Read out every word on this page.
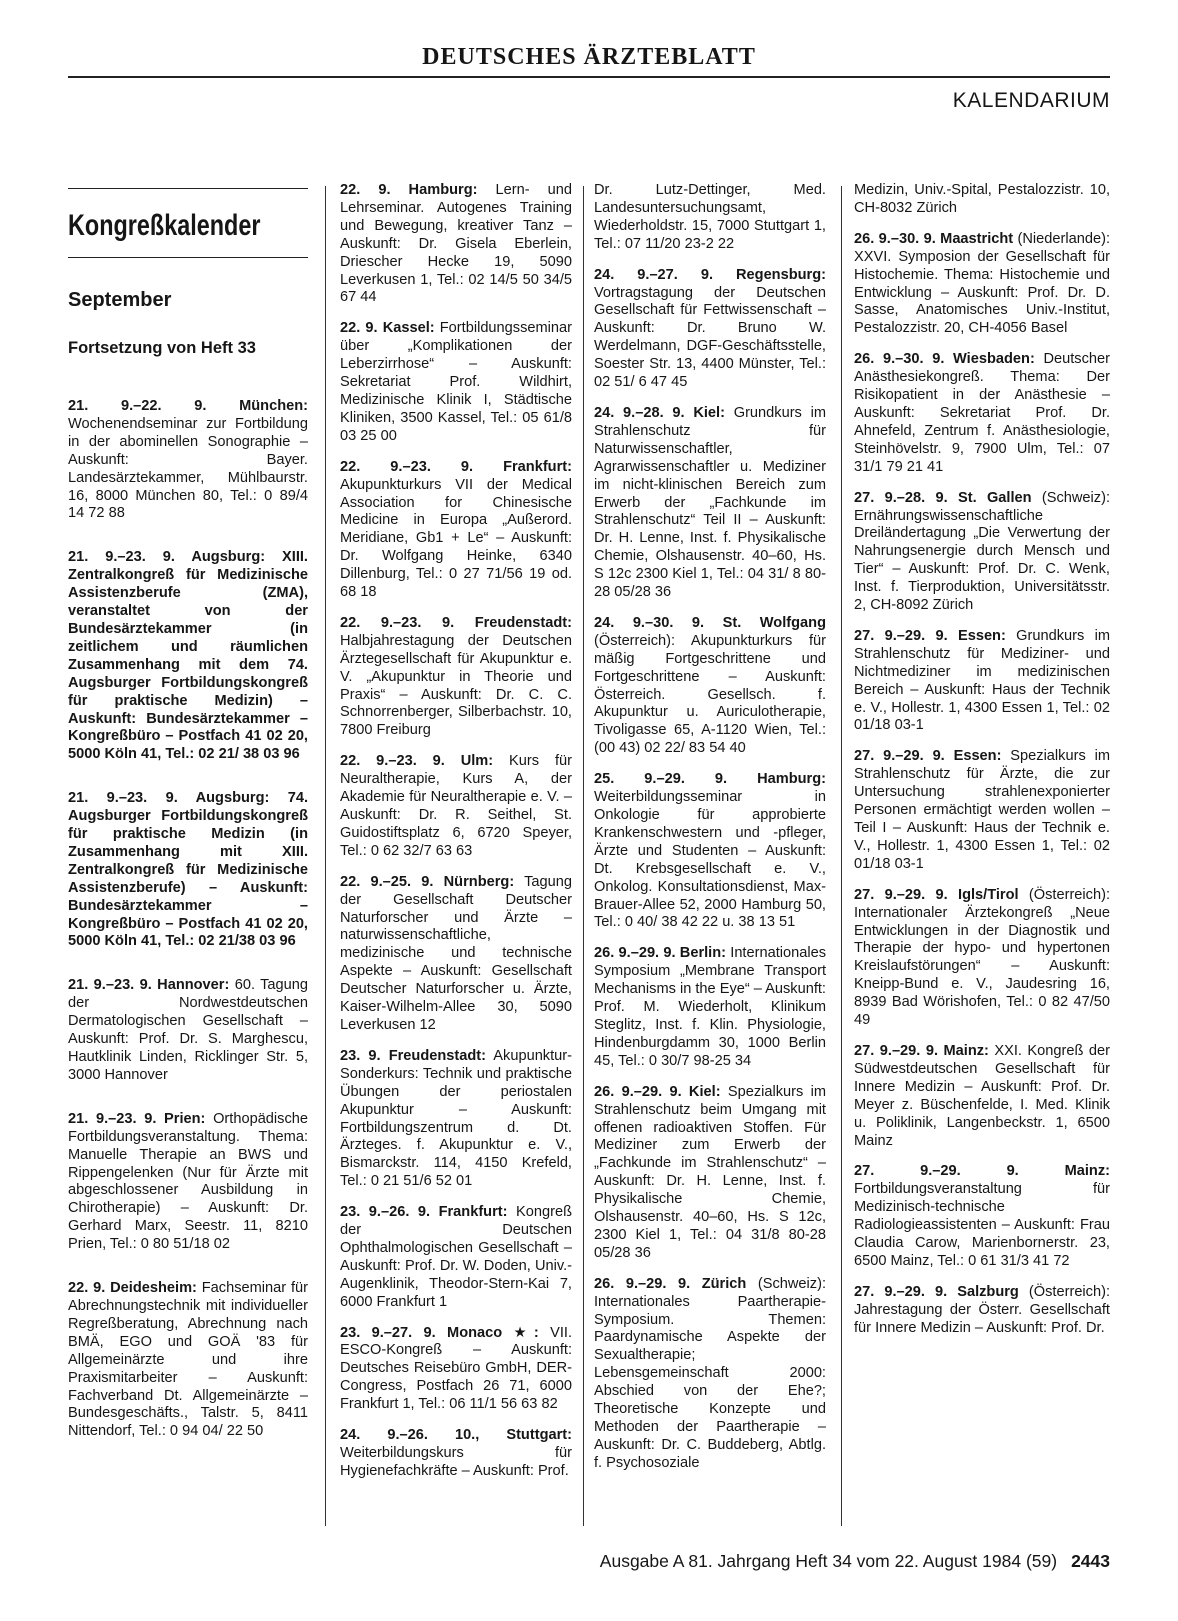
DEUTSCHES ÄRZTEBLATT
KALENDARIUM
Kongreßkalender
September
Fortsetzung von Heft 33
21. 9.–22. 9. München: Wochenendseminar zur Fortbildung in der abominellen Sonographie – Auskunft: Bayer. Landesärztekammer, Mühlbaurstr. 16, 8000 München 80, Tel.: 0 89/4 14 72 88
21. 9.–23. 9. Augsburg: XIII. Zentralkongreß für Medizinische Assistenzberufe (ZMA), veranstaltet von der Bundesärztekammer (in zeitlichem und räumlichen Zusammenhang mit dem 74. Augsburger Fortbildungskongreß für praktische Medizin) – Auskunft: Bundesärztekammer – Kongreßbüro – Postfach 41 02 20, 5000 Köln 41, Tel.: 02 21/ 38 03 96
21. 9.–23. 9. Augsburg: 74. Augsburger Fortbildungskongreß für praktische Medizin (in Zusammenhang mit XIII. Zentralkongreß für Medizinische Assistenzberufe) – Auskunft: Bundesärztekammer – Kongreßbüro – Postfach 41 02 20, 5000 Köln 41, Tel.: 02 21/38 03 96
21. 9.–23. 9. Hannover: 60. Tagung der Nordwestdeutschen Dermatologischen Gesellschaft – Auskunft: Prof. Dr. S. Marghescu, Hautklinik Linden, Ricklinger Str. 5, 3000 Hannover
21. 9.–23. 9. Prien: Orthopädische Fortbildungsveranstaltung. Thema: Manuelle Therapie an BWS und Rippengelenken (Nur für Ärzte mit abgeschlossener Ausbildung in Chirotherapie) – Auskunft: Dr. Gerhard Marx, Seestr. 11, 8210 Prien, Tel.: 0 80 51/18 02
22. 9. Deidesheim: Fachseminar für Abrechnungstechnik mit individueller Regreßberatung, Abrechnung nach BMÄ, EGO und GOÄ '83 für Allgemeinärzte und ihre Praxismitarbeiter – Auskunft: Fachverband Dt. Allgemeinärzte – Bundesgeschäfts., Talstr. 5, 8411 Nittendorf, Tel.: 0 94 04/ 22 50
22. 9. Hamburg: Lern- und Lehrseminar. Autogenes Training und Bewegung, kreativer Tanz – Auskunft: Dr. Gisela Eberlein, Driescher Hecke 19, 5090 Leverkusen 1, Tel.: 02 14/5 50 34/5 67 44
22. 9. Kassel: Fortbildungsseminar über „Komplikationen der Leberzirrhose“ – Auskunft: Sekretariat Prof. Wildhirt, Medizinische Klinik I, Städtische Kliniken, 3500 Kassel, Tel.: 05 61/8 03 25 00
22. 9.–23. 9. Frankfurt: Akupunkturkurs VII der Medical Association for Chinesische Medicine in Europa „Außerord. Meridiane, Gb1 + Le“ – Auskunft: Dr. Wolfgang Heinke, 6340 Dillenburg, Tel.: 0 27 71/56 19 od. 68 18
22. 9.–23. 9. Freudenstadt: Halbjahrestagung der Deutschen Ärztegesellschaft für Akupunktur e. V. „Akupunktur in Theorie und Praxis“ – Auskunft: Dr. C. C. Schnorrenberger, Silberbachstr. 10, 7800 Freiburg
22. 9.–23. 9. Ulm: Kurs für Neuraltherapie, Kurs A, der Akademie für Neuraltherapie e. V. – Auskunft: Dr. R. Seithel, St. Guidostiftsplatz 6, 6720 Speyer, Tel.: 0 62 32/7 63 63
22. 9.–25. 9. Nürnberg: Tagung der Gesellschaft Deutscher Naturforscher und Ärzte – naturwissenschaftliche, medizinische und technische Aspekte – Auskunft: Gesellschaft Deutscher Naturforscher u. Ärzte, Kaiser-Wilhelm-Allee 30, 5090 Leverkusen 12
23. 9. Freudenstadt: Akupunktur-Sonderkurs: Technik und praktische Übungen der periostalen Akupunktur – Auskunft: Fortbildungszentrum d. Dt. Ärzteges. f. Akupunktur e. V., Bismarckstr. 114, 4150 Krefeld, Tel.: 0 21 51/6 52 01
23. 9.–26. 9. Frankfurt: Kongreß der Deutschen Ophthalmologischen Gesellschaft – Auskunft: Prof. Dr. W. Doden, Univ.-Augenklinik, Theodor-Stern-Kai 7, 6000 Frankfurt 1
23. 9.–27. 9. Monaco ★: VII. ESCO-Kongreß – Auskunft: Deutsches Reisebüro GmbH, DER-Congress, Postfach 26 71, 6000 Frankfurt 1, Tel.: 06 11/1 56 63 82
24. 9.–26. 10., Stuttgart: Weiterbildungskurs für Hygienefachkräfte – Auskunft: Prof.
Dr. Lutz-Dettinger, Med. Landesuntersuchungsamt, Wiederholdstr. 15, 7000 Stuttgart 1, Tel.: 07 11/20 23-2 22
24. 9.–27. 9. Regensburg: Vortragstagung der Deutschen Gesellschaft für Fettwissenschaft – Auskunft: Dr. Bruno W. Werdelmann, DGF-Geschäftsstelle, Soester Str. 13, 4400 Münster, Tel.: 02 51/ 6 47 45
24. 9.–28. 9. Kiel: Grundkurs im Strahlenschutz für Naturwissenschaftler, Agrarwissenschaftler u. Mediziner im nicht-klinischen Bereich zum Erwerb der „Fachkunde im Strahlenschutz“ Teil II – Auskunft: Dr. H. Lenne, Inst. f. Physikalische Chemie, Olshausenstr. 40–60, Hs. S 12c 2300 Kiel 1, Tel.: 04 31/ 8 80-28 05/28 36
24. 9.–30. 9. St. Wolfgang (Österreich): Akupunkturkurs für mäßig Fortgeschrittene und Fortgeschrittene – Auskunft: Österreich. Gesellsch. f. Akupunktur u. Auriculotherapie, Tivoligasse 65, A-1120 Wien, Tel.: (00 43) 02 22/ 83 54 40
25. 9.–29. 9. Hamburg: Weiterbildungsseminar in Onkologie für approbierte Krankenschwestern und -pfleger, Ärzte und Studenten – Auskunft: Dt. Krebsgesellschaft e. V., Onkolog. Konsultationsdienst, Max-Brauer-Allee 52, 2000 Hamburg 50, Tel.: 0 40/ 38 42 22 u. 38 13 51
26. 9.–29. 9. Berlin: Internationales Symposium „Membrane Transport Mechanisms in the Eye“ – Auskunft: Prof. M. Wiederholt, Klinikum Steglitz, Inst. f. Klin. Physiologie, Hindenburgdamm 30, 1000 Berlin 45, Tel.: 0 30/7 98-25 34
26. 9.–29. 9. Kiel: Spezialkurs im Strahlenschutz beim Umgang mit offenen radioaktiven Stoffen. Für Mediziner zum Erwerb der „Fachkunde im Strahlenschutz“ – Auskunft: Dr. H. Lenne, Inst. f. Physikalische Chemie, Olshausenstr. 40–60, Hs. S 12c, 2300 Kiel 1, Tel.: 04 31/8 80-28 05/28 36
26. 9.–29. 9. Zürich (Schweiz): Internationales Paartherapie-Symposium. Themen: Paardynamische Aspekte der Sexualtherapie; Lebensgemeinschaft 2000: Abschied von der Ehe?; Theoretische Konzepte und Methoden der Paartherapie – Auskunft: Dr. C. Buddeberg, Abtlg. f. Psychosoziale
Medizin, Univ.-Spital, Pestalozzistr. 10, CH-8032 Zürich
26. 9.–30. 9. Maastricht (Niederlande): XXVI. Symposion der Gesellschaft für Histochemie. Thema: Histochemie und Entwicklung – Auskunft: Prof. Dr. D. Sasse, Anatomisches Univ.-Institut, Pestalozzistr. 20, CH-4056 Basel
26. 9.–30. 9. Wiesbaden: Deutscher Anästhesiekongreß. Thema: Der Risikopatient in der Anästhesie – Auskunft: Sekretariat Prof. Dr. Ahnefeld, Zentrum f. Anästhesiologie, Steinhövelstr. 9, 7900 Ulm, Tel.: 07 31/1 79 21 41
27. 9.–28. 9. St. Gallen (Schweiz): Ernährungswissenschaftliche Dreiländertagung „Die Verwertung der Nahrungsenergie durch Mensch und Tier“ – Auskunft: Prof. Dr. C. Wenk, Inst. f. Tierproduktion, Universitätsstr. 2, CH-8092 Zürich
27. 9.–29. 9. Essen: Grundkurs im Strahlenschutz für Mediziner- und Nichtmediziner im medizinischen Bereich – Auskunft: Haus der Technik e. V., Hollestr. 1, 4300 Essen 1, Tel.: 02 01/18 03-1
27. 9.–29. 9. Essen: Spezialkurs im Strahlenschutz für Ärzte, die zur Untersuchung strahlenexponierter Personen ermächtigt werden wollen – Teil I – Auskunft: Haus der Technik e. V., Hollestr. 1, 4300 Essen 1, Tel.: 02 01/18 03-1
27. 9.–29. 9. Igls/Tirol (Österreich): Internationaler Ärztekongreß „Neue Entwicklungen in der Diagnostik und Therapie der hypo- und hypertonen Kreislaufstörungen“ – Auskunft: Kneipp-Bund e. V., Jaudesring 16, 8939 Bad Wörishofen, Tel.: 0 82 47/50 49
27. 9.–29. 9. Mainz: XXI. Kongreß der Südwestdeutschen Gesellschaft für Innere Medizin – Auskunft: Prof. Dr. Meyer z. Büschenfelde, I. Med. Klinik u. Poliklinik, Langenbeckstr. 1, 6500 Mainz
27. 9.–29. 9. Mainz: Fortbildungsveranstaltung für Medizinisch-technische Radiologieassistenten – Auskunft: Frau Claudia Carow, Marienbornerstr. 23, 6500 Mainz, Tel.: 0 61 31/3 41 72
27. 9.–29. 9. Salzburg (Österreich): Jahrestagung der Österr. Gesellschaft für Innere Medizin – Auskunft: Prof. Dr.
Ausgabe A 81. Jahrgang Heft 34 vom 22. August 1984 (59) 2443
